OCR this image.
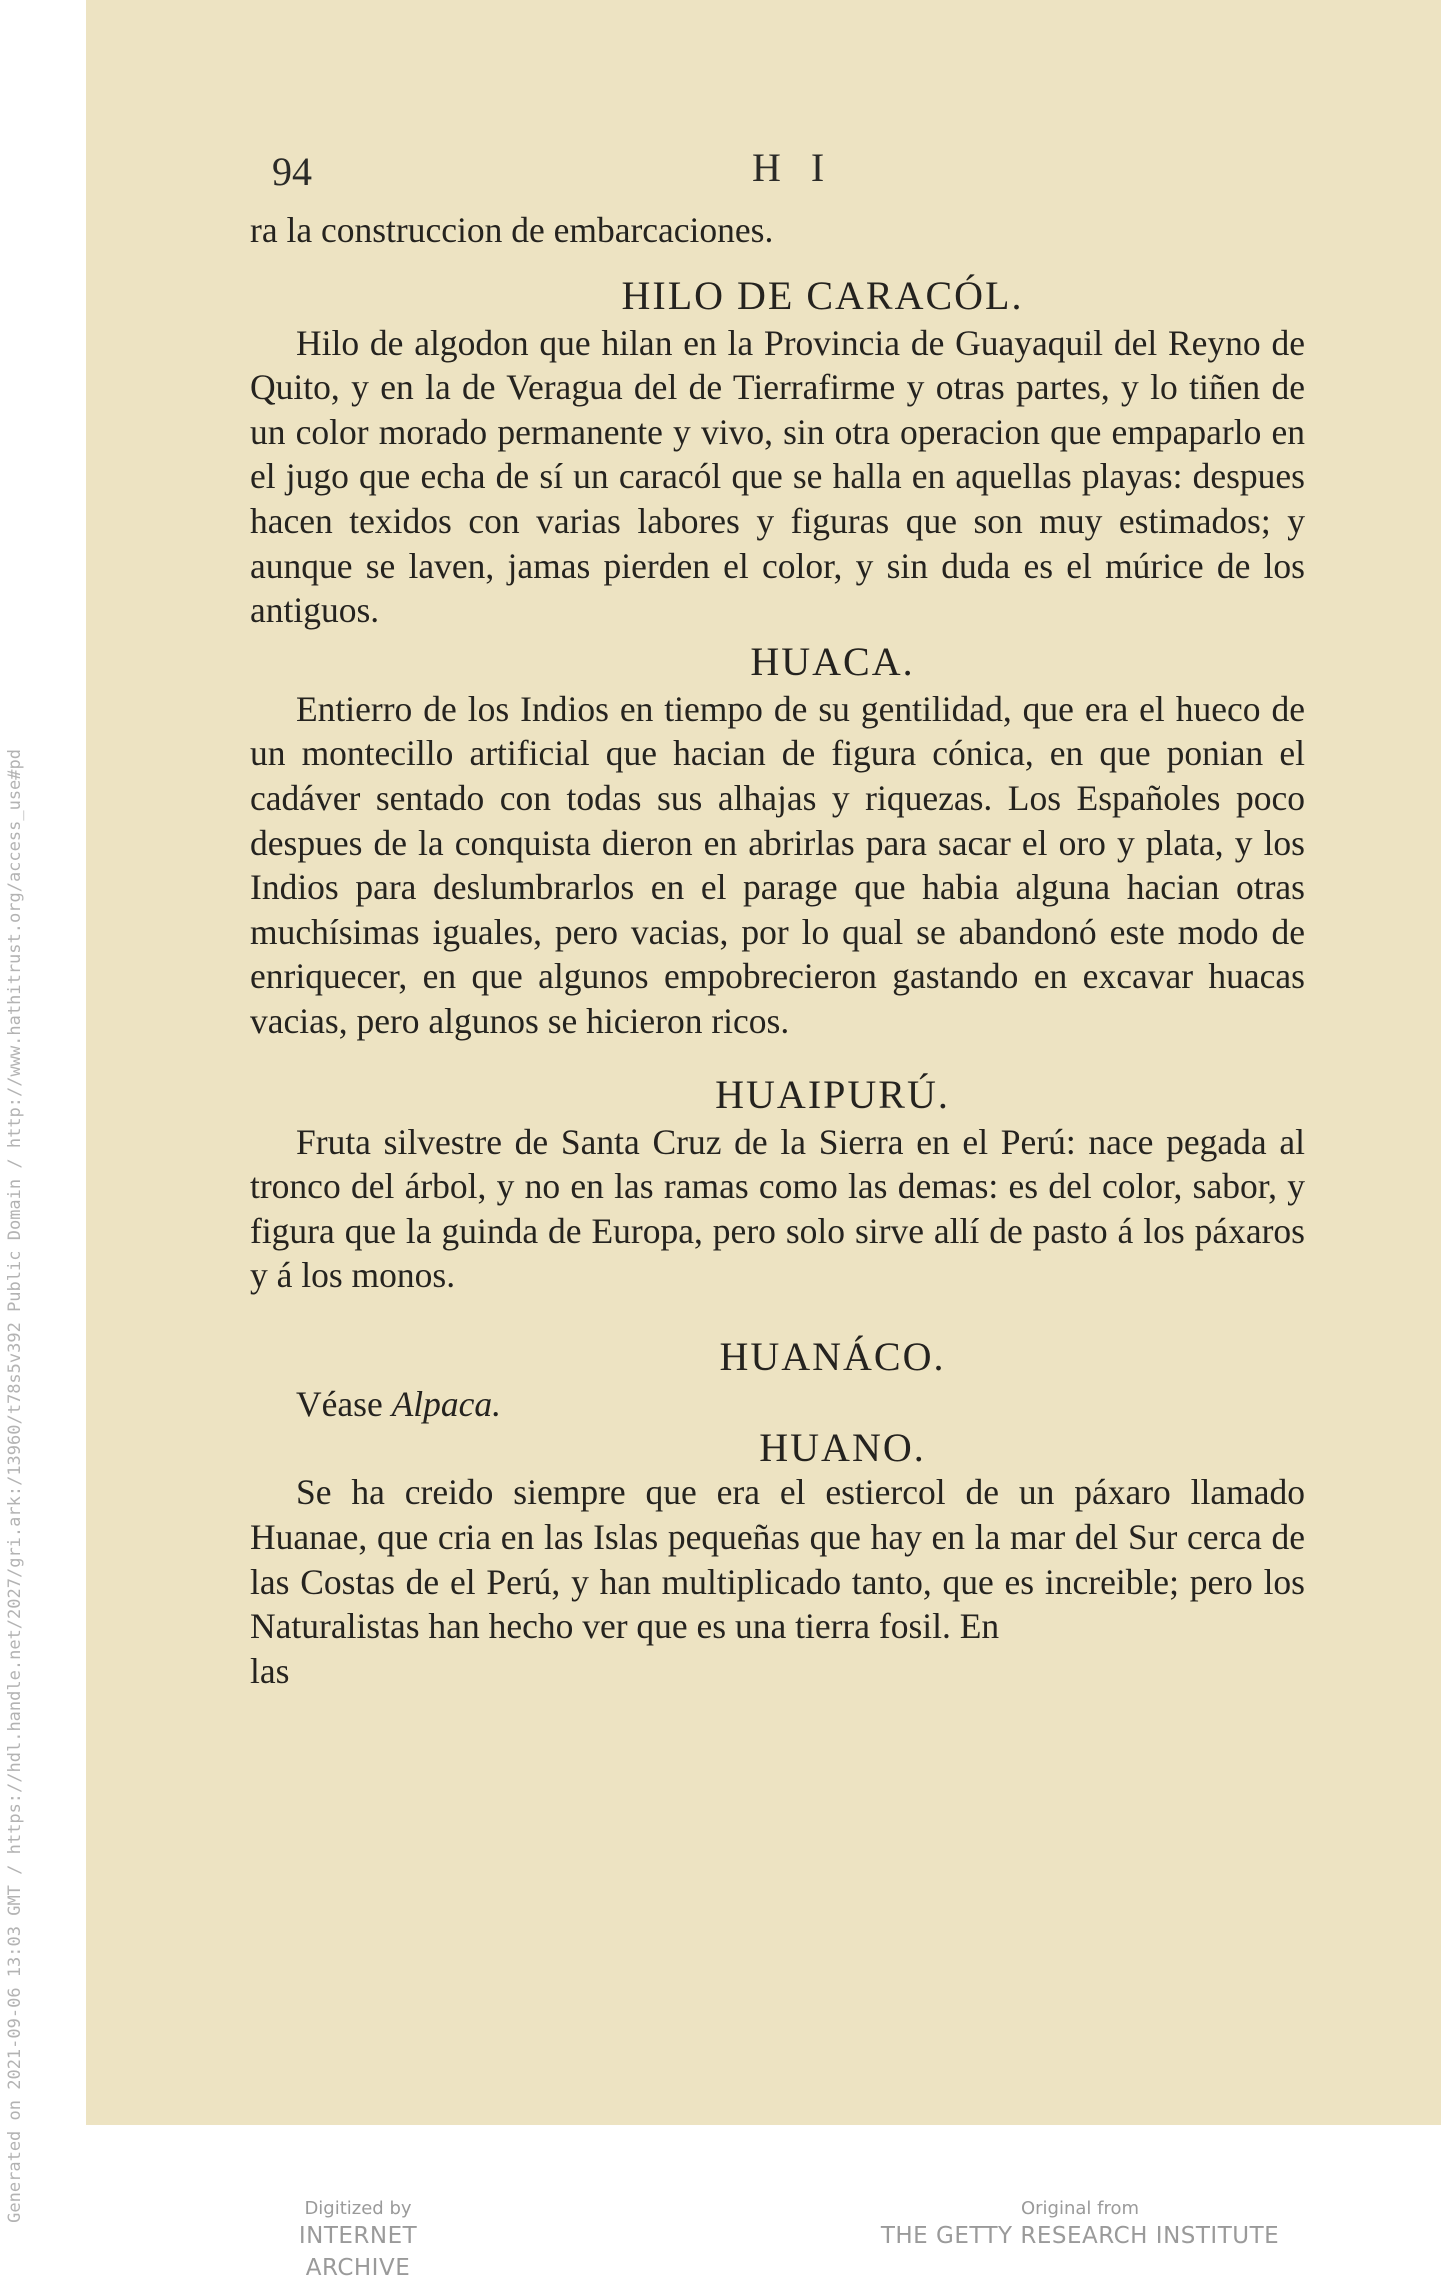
Generated on 2021-09-06 13:03 GMT / https://hdl.handle.net/2027/gri.ark:/13960/t78s5v392 Public Domain / http://www.hathitrust.org/access_use#pd
94	H I

ra la construccion de embarcaciones.

HILO DE CARACÓL.

Hilo de algodon que hilan en la Provincia de Guayaquil del Reyno de Quito, y en la de Veragua del de Tierrafirme y otras partes, y lo tiñen de un color morado permanente y vivo, sin otra operacion que empaparlo en el jugo que echa de sí un caracól que se halla en aquellas playas: despues hacen texidos con varias labores y figuras que son muy estimados; y aunque se laven, jamas pierden el color, y sin duda es el múrice de los antiguos.

HUACA.

Entierro de los Indios en tiempo de su gentilidad, que era el hueco de un montecillo artificial que hacian de figura cónica, en que ponian el cadáver sentado con todas sus alhajas y riquezas. Los Españoles poco despues de la conquista dieron en abrirlas para sacar el oro y plata, y los Indios para deslumbrarlos en el parage que habia alguna hacian otras muchísimas iguales, pero vacias, por lo qual se abandonó este modo de enriquecer, en que algunos empobrecieron gastando en excavar huacas vacias, pero algunos se hicieron ricos.

HUAIPURÚ.

Fruta silvestre de Santa Cruz de la Sierra en el Perú: nace pegada al tronco del árbol, y no en las ramas como las demas: es del color, sabor, y figura que la guinda de Europa, pero solo sirve allí de pasto á los páxaros y á los monos.

HUANÁCO.

Véase Alpaca.

HUANO.

Se ha creido siempre que era el estiercol de un páxaro llamado Huanae, que cria en las Islas pequeñas que hay en la mar del Sur cerca de las Costas de el Perú, y han multiplicado tanto, que es increible; pero los Naturalistas han hecho ver que es una tierra fosil. En

las

Digitized by
INTERNET ARCHIVE
Original from
THE GETTY RESEARCH INSTITUTE
